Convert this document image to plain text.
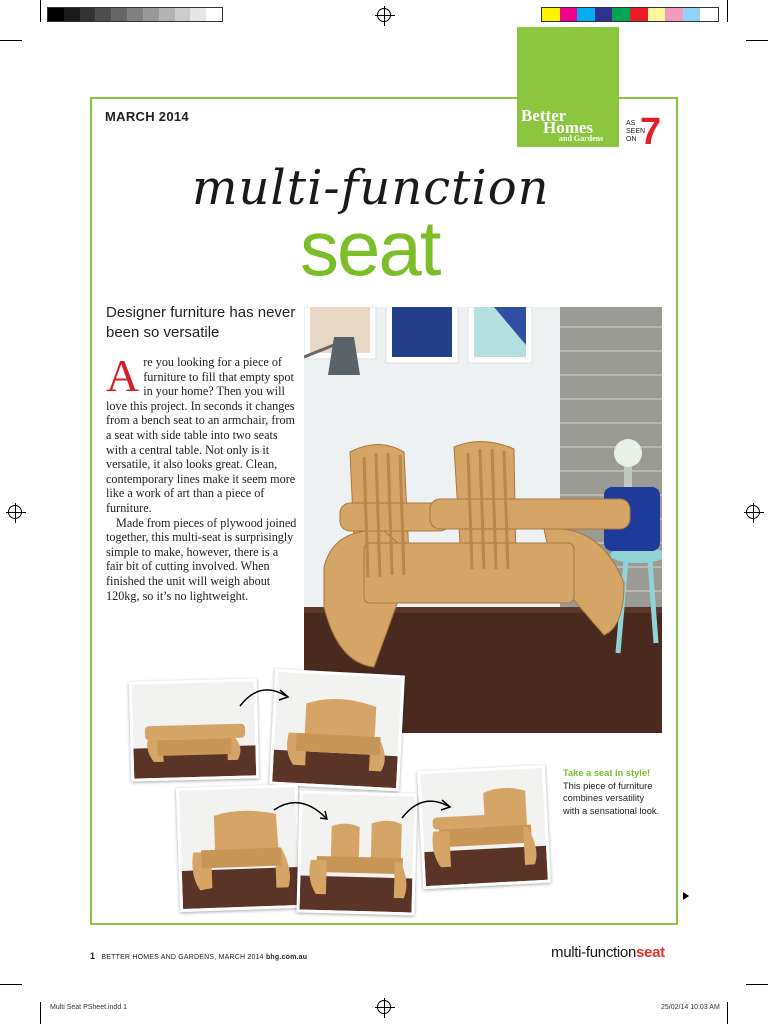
MARCH 2014	Better
Homes
and Gardens
AS
SEEN
ON 7
multi-function
seat
Designer furniture has never been so versatile

Are you looking for a piece of furniture to fill that empty spot in your home? Then you will love this project. In seconds it changes from a bench seat to an armchair, from a seat with side table into two seats with a central table. Not only is it versatile, it also looks great. Clean, contemporary lines make it seem more like a work of art than a piece of furniture.

Made from pieces of plywood joined together, this multi-seat is surprisingly simple to make, however, there is a fair bit of cutting involved. When finished the unit will weigh about 120kg, so it’s no lightweight.

Take a seat in style! This piece of furniture combines versatility with a sensational look.
1 BETTER HOMES AND GARDENS, MARCH 2014 bhg.com.au	multi-functionseat
Multi Seat PSheet.indd 1	25/02/14 10:03 AM
